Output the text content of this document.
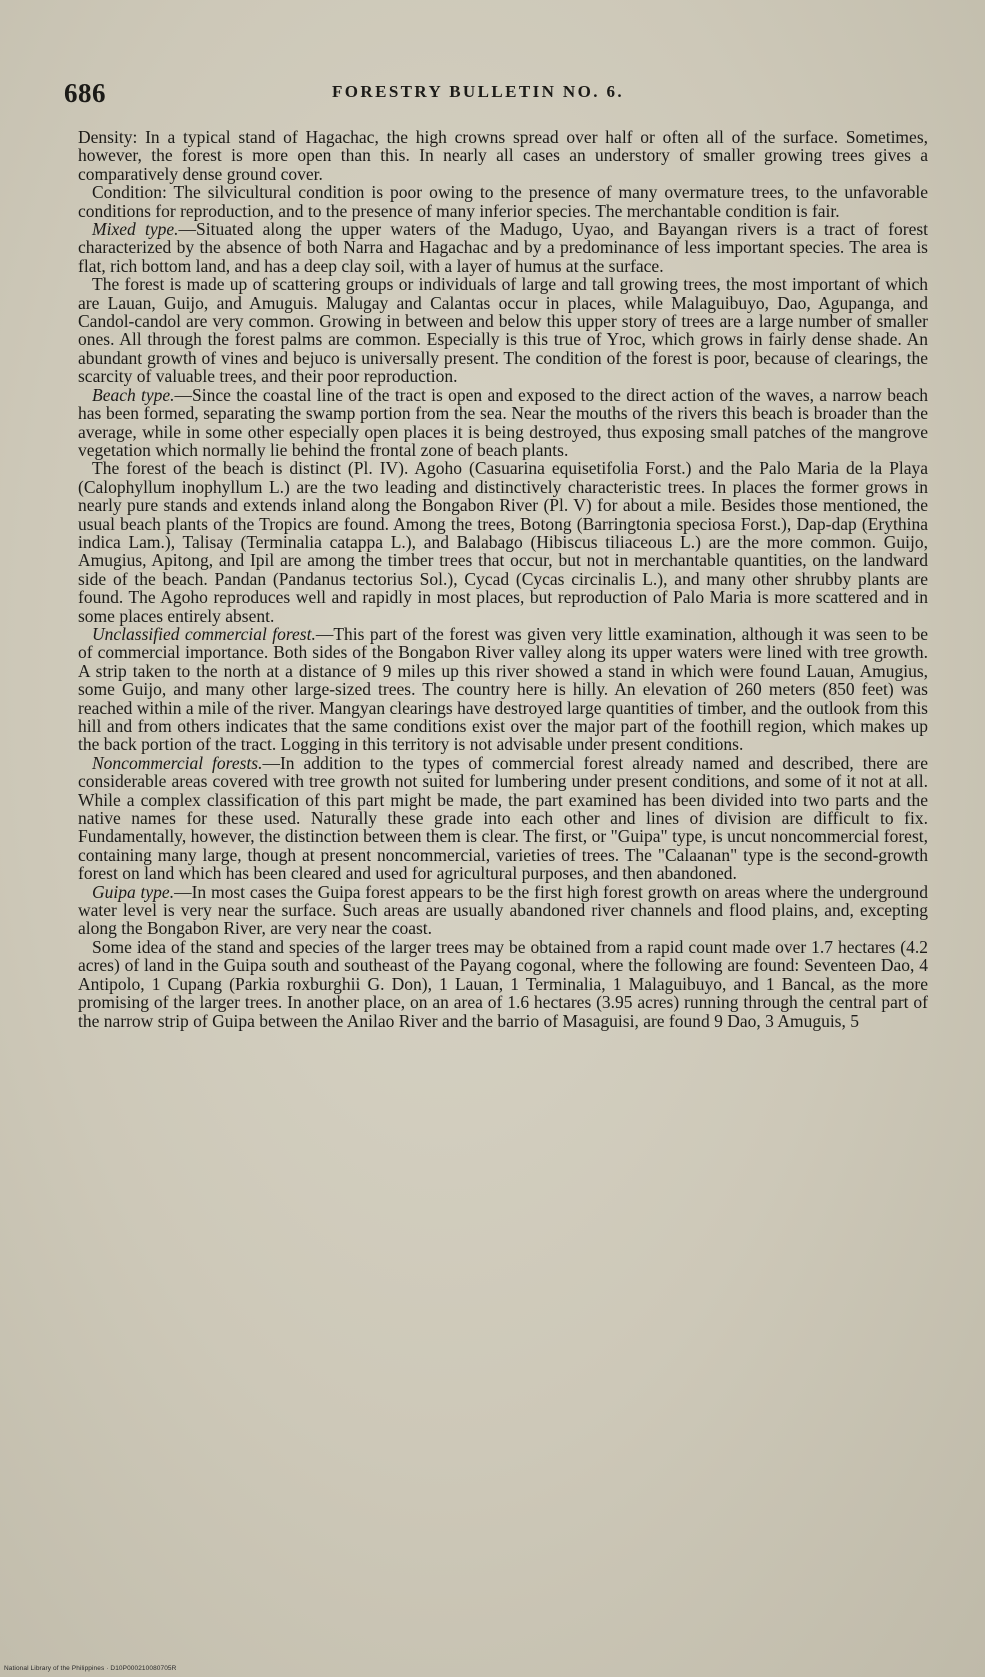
686	FORESTRY BULLETIN NO. 6.

Density: In a typical stand of Hagachac, the high crowns spread over half or often all of the surface. Sometimes, however, the forest is more open than this. In nearly all cases an understory of smaller growing trees gives a comparatively dense ground cover.

Condition: The silvicultural condition is poor owing to the presence of many overmature trees, to the unfavorable conditions for reproduction, and to the presence of many inferior species. The merchantable condition is fair.

Mixed type.—Situated along the upper waters of the Madugo, Uyao, and Bayangan rivers is a tract of forest characterized by the absence of both Narra and Hagachac and by a predominance of less important species. The area is flat, rich bottom land, and has a deep clay soil, with a layer of humus at the surface.

The forest is made up of scattering groups or individuals of large and tall growing trees, the most important of which are Lauan, Guijo, and Amuguis. Malugay and Calantas occur in places, while Malaguibuyo, Dao, Agupanga, and Candol-candol are very common. Growing in between and below this upper story of trees are a large number of smaller ones. All through the forest palms are common. Especially is this true of Yroc, which grows in fairly dense shade. An abundant growth of vines and bejuco is universally present. The condition of the forest is poor, because of clearings, the scarcity of valuable trees, and their poor reproduction.

Beach type.—Since the coastal line of the tract is open and exposed to the direct action of the waves, a narrow beach has been formed, separating the swamp portion from the sea. Near the mouths of the rivers this beach is broader than the average, while in some other especially open places it is being destroyed, thus exposing small patches of the mangrove vegetation which normally lie behind the frontal zone of beach plants.

The forest of the beach is distinct (Pl. IV). Agoho (Casuarina equisetifolia Forst.) and the Palo Maria de la Playa (Calophyllum inophyllum L.) are the two leading and distinctively characteristic trees. In places the former grows in nearly pure stands and extends inland along the Bongabon River (Pl. V) for about a mile. Besides those mentioned, the usual beach plants of the Tropics are found. Among the trees, Botong (Barringtonia speciosa Forst.), Dap-dap (Erythina indica Lam.), Talisay (Terminalia catappa L.), and Balabago (Hibiscus tiliaceous L.) are the more common. Guijo, Amugius, Apitong, and Ipil are among the timber trees that occur, but not in merchantable quantities, on the landward side of the beach. Pandan (Pandanus tectorius Sol.), Cycad (Cycas circinalis L.), and many other shrubby plants are found. The Agoho reproduces well and rapidly in most places, but reproduction of Palo Maria is more scattered and in some places entirely absent.

Unclassified commercial forest.—This part of the forest was given very little examination, although it was seen to be of commercial importance. Both sides of the Bongabon River valley along its upper waters were lined with tree growth. A strip taken to the north at a distance of 9 miles up this river showed a stand in which were found Lauan, Amugius, some Guijo, and many other large-sized trees. The country here is hilly. An elevation of 260 meters (850 feet) was reached within a mile of the river. Mangyan clearings have destroyed large quantities of timber, and the outlook from this hill and from others indicates that the same conditions exist over the major part of the foothill region, which makes up the back portion of the tract. Logging in this territory is not advisable under present conditions.

Noncommercial forests.—In addition to the types of commercial forest already named and described, there are considerable areas covered with tree growth not suited for lumbering under present conditions, and some of it not at all. While a complex classification of this part might be made, the part examined has been divided into two parts and the native names for these used. Naturally these grade into each other and lines of division are difficult to fix. Fundamentally, however, the distinction between them is clear. The first, or "Guipa" type, is uncut noncommercial forest, containing many large, though at present noncommercial, varieties of trees. The "Calaanan" type is the second-growth forest on land which has been cleared and used for agricultural purposes, and then abandoned.

Guipa type.—In most cases the Guipa forest appears to be the first high forest growth on areas where the underground water level is very near the surface. Such areas are usually abandoned river channels and flood plains, and, excepting along the Bongabon River, are very near the coast.

Some idea of the stand and species of the larger trees may be obtained from a rapid count made over 1.7 hectares (4.2 acres) of land in the Guipa south and southeast of the Payang cogonal, where the following are found: Seventeen Dao, 4 Antipolo, 1 Cupang (Parkia roxburghii G. Don), 1 Lauan, 1 Terminalia, 1 Malaguibuyo, and 1 Bancal, as the more promising of the larger trees. In another place, on an area of 1.6 hectares (3.95 acres) running through the central part of the narrow strip of Guipa between the Anilao River and the barrio of Masaguisi, are found 9 Dao, 3 Amuguis, 5

National Library of the Philippines · D10P000210080705R
